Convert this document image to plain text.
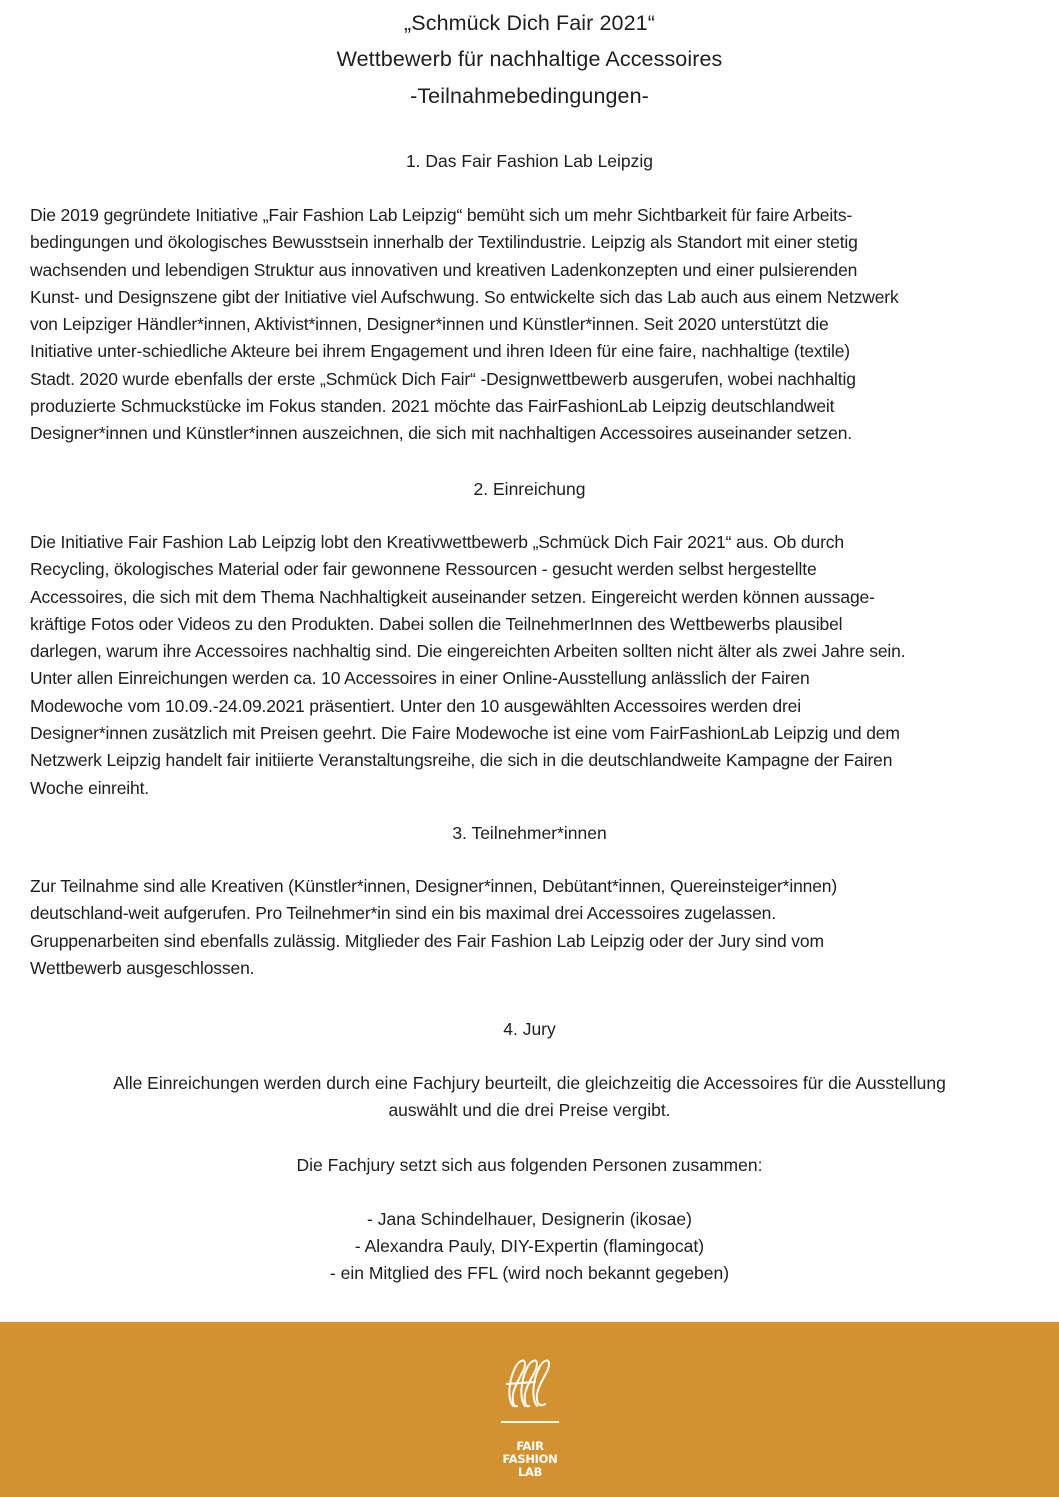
„Schmück Dich Fair 2021“
Wettbewerb für nachhaltige Accessoires
-Teilnahmebedingungen-
1. Das Fair Fashion Lab Leipzig

Die 2019 gegründete Initiative „Fair Fashion Lab Leipzig“ bemüht sich um mehr Sichtbarkeit für faire Arbeits-
bedingungen und ökologisches Bewusstsein innerhalb der Textilindustrie. Leipzig als Standort mit einer stetig
wachsenden und lebendigen Struktur aus innovativen und kreativen Ladenkonzepten und einer pulsierenden
Kunst- und Designszene gibt der Initiative viel Aufschwung. So entwickelte sich das Lab auch aus einem Netzwerk
von Leipziger Händler*innen, Aktivist*innen, Designer*innen und Künstler*innen. Seit 2020 unterstützt die
Initiative unter-schiedliche Akteure bei ihrem Engagement und ihren Ideen für eine faire, nachhaltige (textile)
Stadt. 2020 wurde ebenfalls der erste „Schmück Dich Fair“ -Designwettbewerb ausgerufen, wobei nachhaltig
produzierte Schmuckstücke im Fokus standen. 2021 möchte das FairFashionLab Leipzig deutschlandweit
Designer*innen und Künstler*innen auszeichnen, die sich mit nachhaltigen Accessoires auseinander setzen.

2. Einreichung

Die Initiative Fair Fashion Lab Leipzig lobt den Kreativwettbewerb „Schmück Dich Fair 2021“ aus. Ob durch
Recycling, ökologisches Material oder fair gewonnene Ressourcen - gesucht werden selbst hergestellte
Accessoires, die sich mit dem Thema Nachhaltigkeit auseinander setzen. Eingereicht werden können aussage-
kräftige Fotos oder Videos zu den Produkten. Dabei sollen die TeilnehmerInnen des Wettbewerbs plausibel
darlegen, warum ihre Accessoires nachhaltig sind. Die eingereichten Arbeiten sollten nicht älter als zwei Jahre sein.
Unter allen Einreichungen werden ca. 10 Accessoires in einer Online-Ausstellung anlässlich der Fairen
Modewoche vom 10.09.-24.09.2021 präsentiert. Unter den 10 ausgewählten Accessoires werden drei
Designer*innen zusätzlich mit Preisen geehrt. Die Faire Modewoche ist eine vom FairFashionLab Leipzig und dem
Netzwerk Leipzig handelt fair initiierte Veranstaltungsreihe, die sich in die deutschlandweite Kampagne der Fairen
Woche einreiht.

3. Teilnehmer*innen

Zur Teilnahme sind alle Kreativen (Künstler*innen, Designer*innen, Debütant*innen, Quereinsteiger*innen)
deutschland-weit aufgerufen. Pro Teilnehmer*in sind ein bis maximal drei Accessoires zugelassen.
Gruppenarbeiten sind ebenfalls zulässig. Mitglieder des Fair Fashion Lab Leipzig oder der Jury sind vom
Wettbewerb ausgeschlossen.

4. Jury

Alle Einreichungen werden durch eine Fachjury beurteilt, die gleichzeitig die Accessoires für die Ausstellung
auswählt und die drei Preise vergibt.

Die Fachjury setzt sich aus folgenden Personen zusammen:

- Jana Schindelhauer, Designerin (ikosae)
- Alexandra Pauly, DIY-Expertin (flamingocat)
- ein Mitglied des FFL (wird noch bekannt gegeben)

FAIR
FASHION
LAB
